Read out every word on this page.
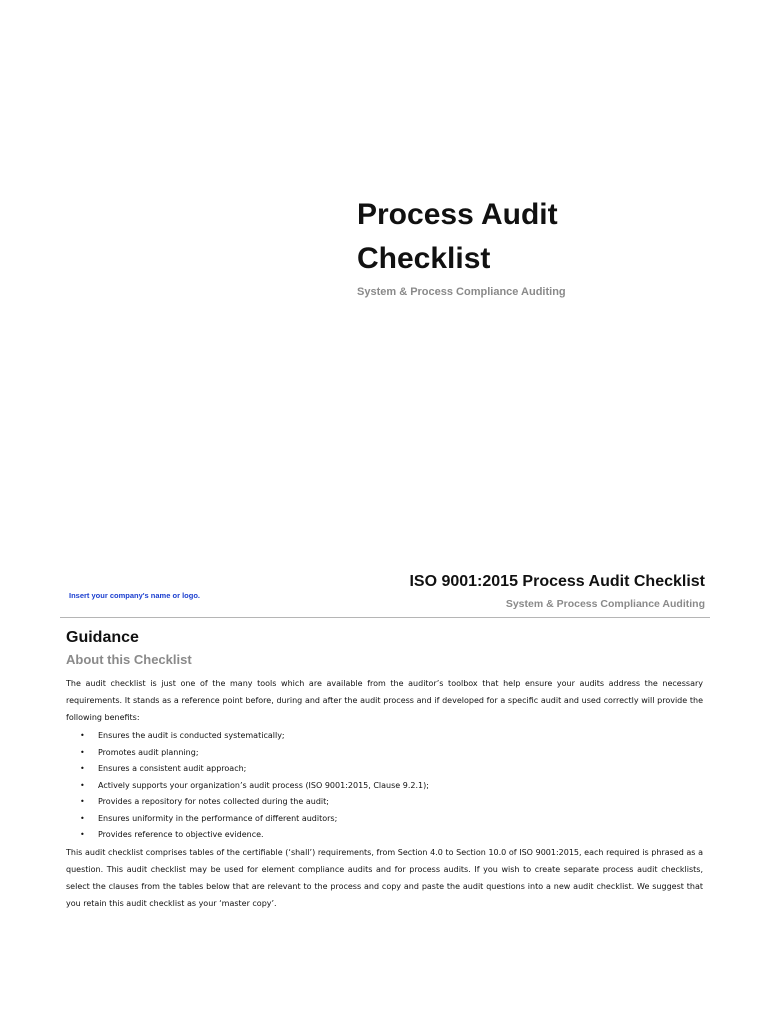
Process Audit Checklist

System & Process Compliance Auditing

Insert your company's name or logo.

ISO 9001:2015 Process Audit Checklist

System & Process Compliance Auditing

Guidance
About this Checklist

The audit checklist is just one of the many tools which are available from the auditor’s toolbox that help ensure your audits address the necessary requirements. It stands as a reference point before, during and after the audit process and if developed for a specific audit and used correctly will provide the following benefits:

• Ensures the audit is conducted systematically;
• Promotes audit planning;
• Ensures a consistent audit approach;
• Actively supports your organization’s audit process (ISO 9001:2015, Clause 9.2.1);
• Provides a repository for notes collected during the audit;
• Ensures uniformity in the performance of different auditors;
• Provides reference to objective evidence.

This audit checklist comprises tables of the certifiable (‘shall’) requirements, from Section 4.0 to Section 10.0 of ISO 9001:2015, each required is phrased as a question. This audit checklist may be used for element compliance audits and for process audits. If you wish to create separate process audit checklists, select the clauses from the tables below that are relevant to the process and copy and paste the audit questions into a new audit checklist. We suggest that you retain this audit checklist as your ‘master copy’.
